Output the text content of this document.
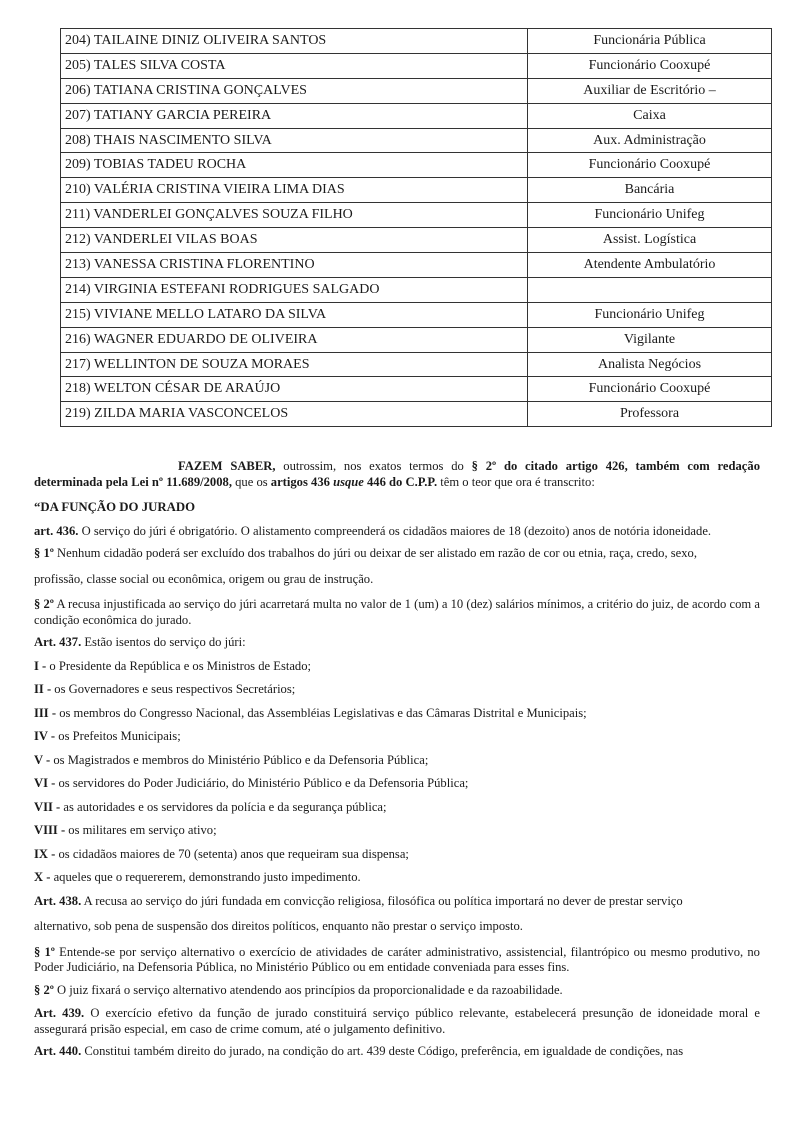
204) TAILAINE DINIZ OLIVEIRA SANTOS	Funcionária Pública
205) TALES SILVA COSTA	Funcionário Cooxupé
206) TATIANA CRISTINA GONÇALVES	Auxiliar de Escritório –
207) TATIANY GARCIA PEREIRA	Caixa
208) THAIS NASCIMENTO SILVA	Aux. Administração
209) TOBIAS TADEU ROCHA	Funcionário Cooxupé
210) VALÉRIA CRISTINA VIEIRA LIMA DIAS	Bancária
211) VANDERLEI GONÇALVES SOUZA FILHO	Funcionário Unifeg
212) VANDERLEI VILAS BOAS	Assist. Logística
213) VANESSA CRISTINA FLORENTINO	Atendente Ambulatório
214) VIRGINIA ESTEFANI RODRIGUES SALGADO	
215) VIVIANE MELLO LATARO DA SILVA	Funcionário Unifeg
216) WAGNER EDUARDO DE OLIVEIRA	Vigilante
217) WELLINTON DE SOUZA MORAES	Analista Negócios
218) WELTON CÉSAR DE ARAÚJO	Funcionário Cooxupé
219) ZILDA MARIA VASCONCELOS	Professora

FAZEM SABER, outrossim, nos exatos termos do § 2º do citado artigo 426, também com redação determinada pela Lei nº 11.689/2008, que os artigos 436 usque 446 do C.P.P. têm o teor que ora é transcrito:

“DA FUNÇÃO DO JURADO

art. 436. O serviço do júri é obrigatório. O alistamento compreenderá os cidadãos maiores de 18 (dezoito) anos de notória idoneidade.

§ 1º Nenhum cidadão poderá ser excluído dos trabalhos do júri ou deixar de ser alistado em razão de cor ou etnia, raça, credo, sexo,

profissão, classe social ou econômica, origem ou grau de instrução.

§ 2º A recusa injustificada ao serviço do júri acarretará multa no valor de 1 (um) a 10 (dez) salários mínimos, a critério do juiz, de acordo com a condição econômica do jurado.

Art. 437. Estão isentos do serviço do júri:

I - o Presidente da República e os Ministros de Estado;

II - os Governadores e seus respectivos Secretários;

III - os membros do Congresso Nacional, das Assembléias Legislativas e das Câmaras Distrital e Municipais;

IV - os Prefeitos Municipais;

V - os Magistrados e membros do Ministério Público e da Defensoria Pública;

VI - os servidores do Poder Judiciário, do Ministério Público e da Defensoria Pública;

VII - as autoridades e os servidores da polícia e da segurança pública;

VIII - os militares em serviço ativo;

IX - os cidadãos maiores de 70 (setenta) anos que requeiram sua dispensa;

X - aqueles que o requererem, demonstrando justo impedimento.

Art. 438. A recusa ao serviço do júri fundada em convicção religiosa, filosófica ou política importará no dever de prestar serviço

alternativo, sob pena de suspensão dos direitos políticos, enquanto não prestar o serviço imposto.

§ 1º Entende-se por serviço alternativo o exercício de atividades de caráter administrativo, assistencial, filantrópico ou mesmo produtivo, no Poder Judiciário, na Defensoria Pública, no Ministério Público ou em entidade conveniada para esses fins.

§ 2º O juiz fixará o serviço alternativo atendendo aos princípios da proporcionalidade e da razoabilidade.

Art. 439. O exercício efetivo da função de jurado constituirá serviço público relevante, estabelecerá presunção de idoneidade moral e assegurará prisão especial, em caso de crime comum, até o julgamento definitivo.

Art. 440. Constitui também direito do jurado, na condição do art. 439 deste Código, preferência, em igualdade de condições, nas
